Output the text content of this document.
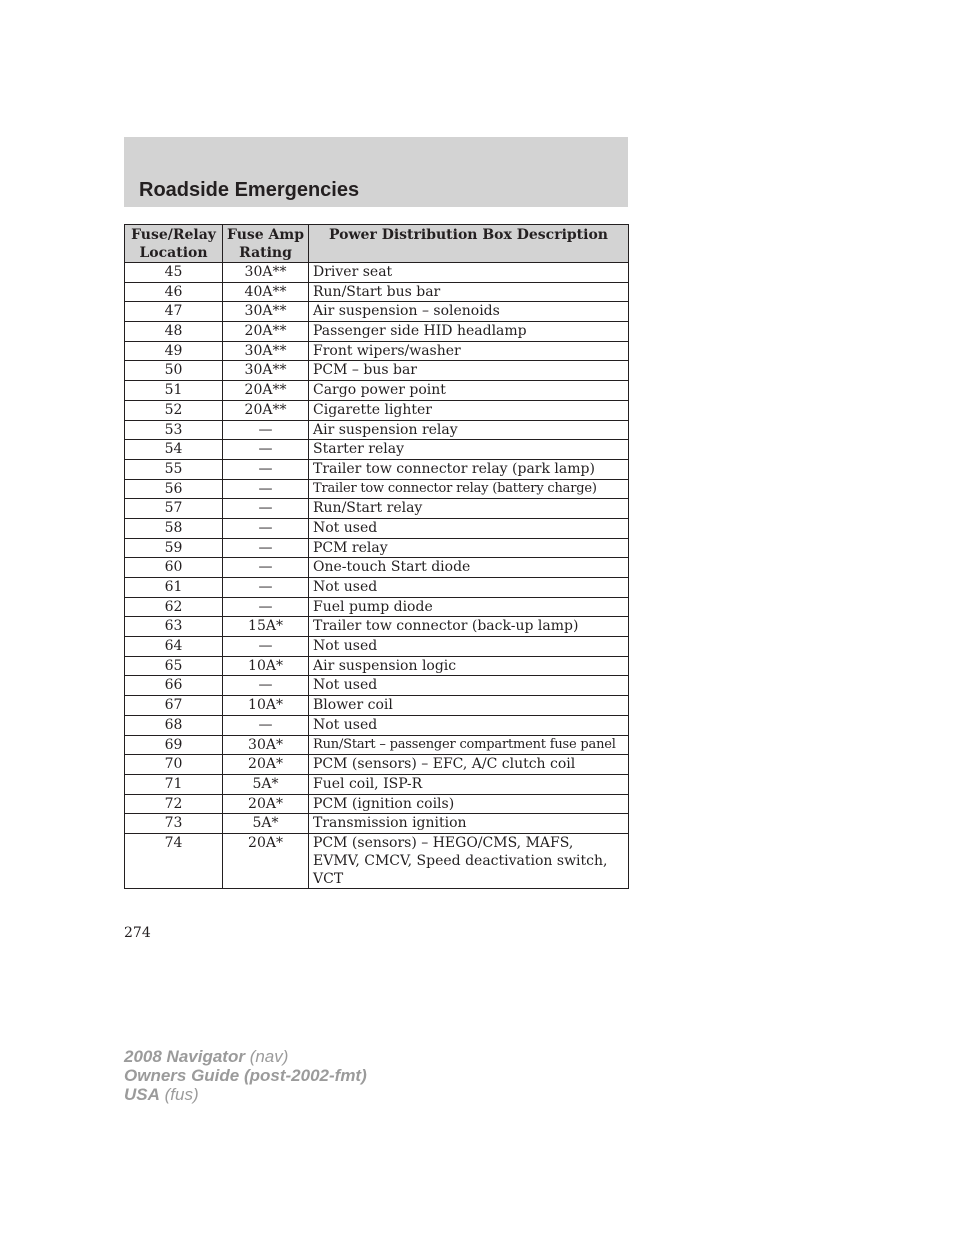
Roadside Emergencies
Fuse/Relay Location	Fuse Amp Rating	Power Distribution Box Description
45	30A**	Driver seat
46	40A**	Run/Start bus bar
47	30A**	Air suspension – solenoids
48	20A**	Passenger side HID headlamp
49	30A**	Front wipers/washer
50	30A**	PCM – bus bar
51	20A**	Cargo power point
52	20A**	Cigarette lighter
53	—	Air suspension relay
54	—	Starter relay
55	—	Trailer tow connector relay (park lamp)
56	—	Trailer tow connector relay (battery charge)
57	—	Run/Start relay
58	—	Not used
59	—	PCM relay
60	—	One-touch Start diode
61	—	Not used
62	—	Fuel pump diode
63	15A*	Trailer tow connector (back-up lamp)
64	—	Not used
65	10A*	Air suspension logic
66	—	Not used
67	10A*	Blower coil
68	—	Not used
69	30A*	Run/Start – passenger compartment fuse panel
70	20A*	PCM (sensors) – EFC, A/C clutch coil
71	5A*	Fuel coil, ISP-R
72	20A*	PCM (ignition coils)
73	5A*	Transmission ignition
74	20A*	PCM (sensors) – HEGO/CMS, MAFS, EVMV, CMCV, Speed deactivation switch, VCT
274
2008 Navigator (nav)
Owners Guide (post-2002-fmt)
USA (fus)
